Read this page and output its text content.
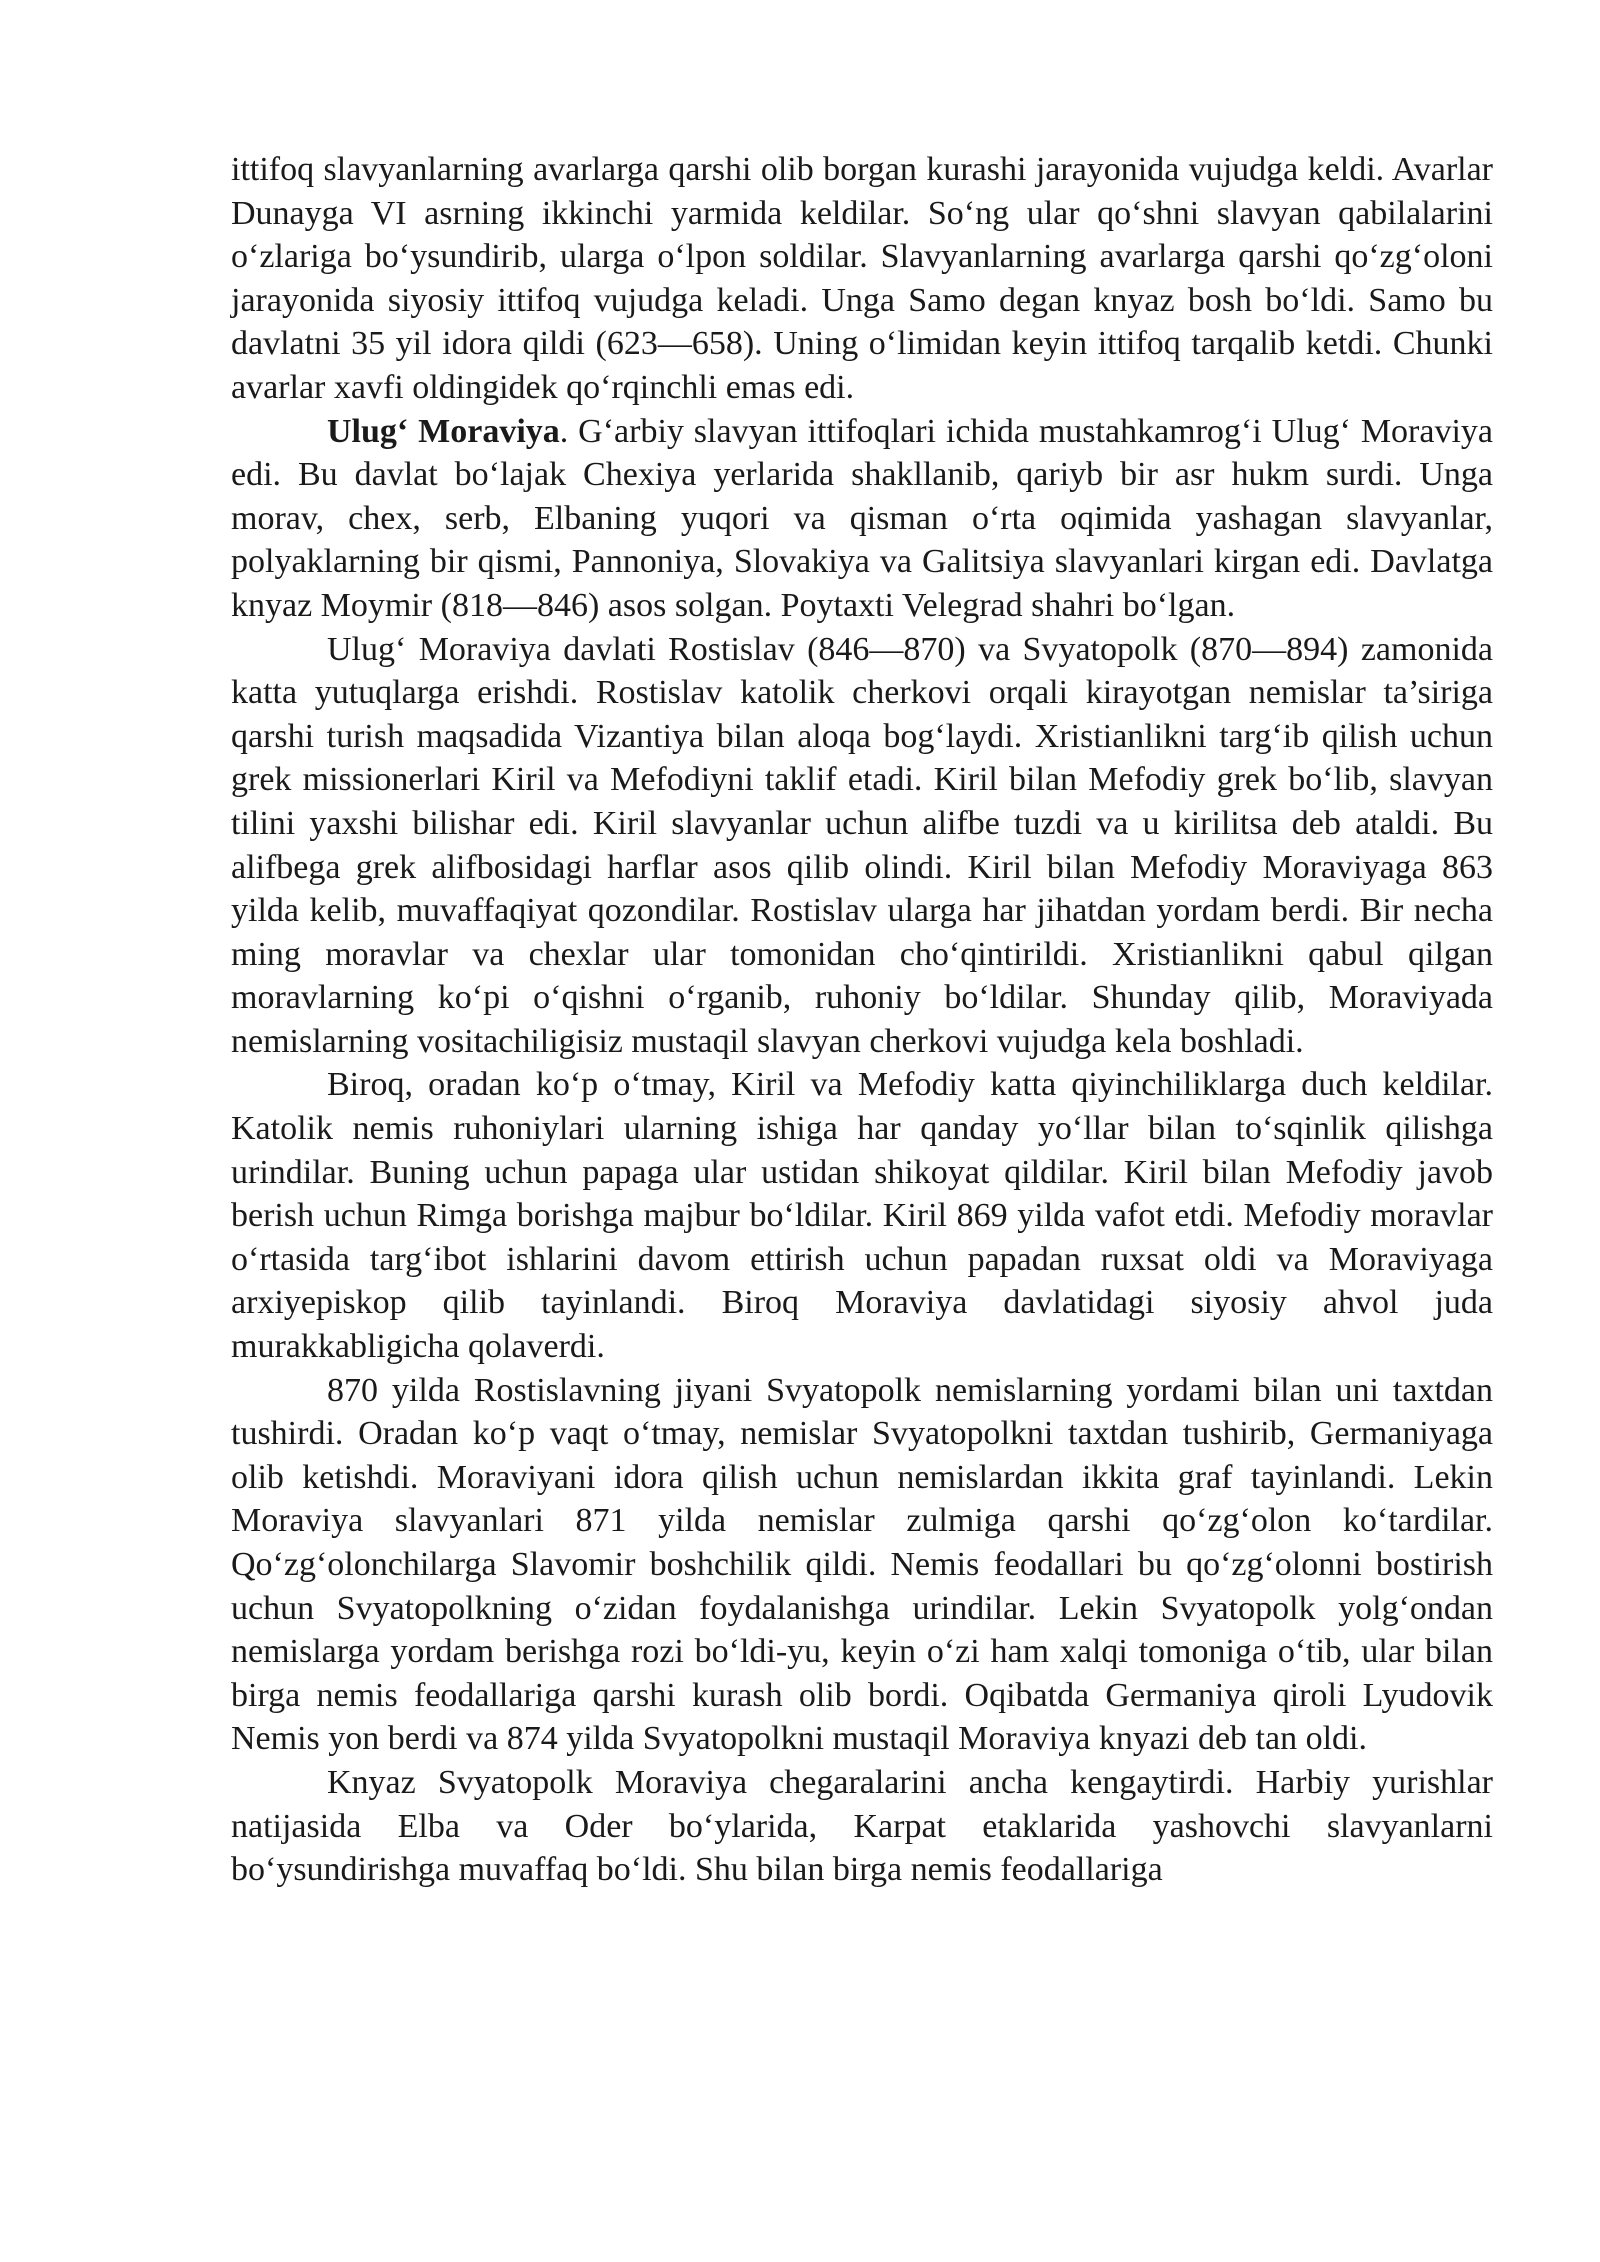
ittifoq slavyanlarning avarlarga qarshi olib borgan kurashi jarayonida vujudga keldi. Avarlar Dunayga VI asrning ikkinchi yarmida keldilar. So‘ng ular qo‘shni slavyan qabilalarini o‘zlariga bo‘ysundirib, ularga o‘lpon soldilar. Slavyanlarning avarlarga qarshi qo‘zg‘oloni jarayonida siyosiy ittifoq vujudga keladi. Unga Samo degan knyaz bosh bo‘ldi. Samo bu davlatni 35 yil idora qildi (623—658). Uning o‘limidan keyin ittifoq tarqalib ketdi. Chunki avarlar xavfi oldingidek qo‘rqinchli emas edi.

Ulug‘ Moraviya. G‘arbiy slavyan ittifoqlari ichida mustahkamrog‘i Ulug‘ Moraviya edi. Bu davlat bo‘lajak Chexiya yerlarida shakllanib, qariyb bir asr hukm surdi. Unga morav, chex, serb, Elbaning yuqori va qisman o‘rta oqimida yashagan slavyanlar, polyaklarning bir qismi, Pannoniya, Slovakiya va Galitsiya slavyanlari kirgan edi. Davlatga knyaz Moymir (818—846) asos solgan. Poytaxti Velegrad shahri bo‘lgan.

Ulug‘ Moraviya davlati Rostislav (846—870) va Svyatopolk (870—894) zamonida katta yutuqlarga erishdi. Rostislav katolik cherkovi orqali kirayotgan nemislar ta’siriga qarshi turish maqsadida Vizantiya bilan aloqa bog‘laydi. Xristianlikni targ‘ib qilish uchun grek missionerlari Kiril va Mefodiyni taklif etadi. Kiril bilan Mefodiy grek bo‘lib, slavyan tilini yaxshi bilishar edi. Kiril slavyanlar uchun alifbe tuzdi va u kirilitsa deb ataldi. Bu alifbega grek alifbosidagi harflar asos qilib olindi. Kiril bilan Mefodiy Moraviyaga 863 yilda kelib, muvaffaqiyat qozondilar. Rostislav ularga har jihatdan yordam berdi. Bir necha ming moravlar va chexlar ular tomonidan cho‘qintirildi. Xristianlikni qabul qilgan moravlarning ko‘pi o‘qishni o‘rganib, ruhoniy bo‘ldilar. Shunday qilib, Moraviyada nemislarning vositachiligisiz mustaqil slavyan cherkovi vujudga kela boshladi.

Biroq, oradan ko‘p o‘tmay, Kiril va Mefodiy katta qiyinchiliklarga duch keldilar. Katolik nemis ruhoniylari ularning ishiga har qanday yo‘llar bilan to‘sqinlik qilishga urindilar. Buning uchun papaga ular ustidan shikoyat qildilar. Kiril bilan Mefodiy javob berish uchun Rimga borishga majbur bo‘ldilar. Kiril 869 yilda vafot etdi. Mefodiy moravlar o‘rtasida targ‘ibot ishlarini davom ettirish uchun papadan ruxsat oldi va Moraviyaga arxiyepiskop qilib tayinlandi. Biroq Moraviya davlatidagi siyosiy ahvol juda murakkabligicha qolaverdi.

870 yilda Rostislavning jiyani Svyatopolk nemislarning yordami bilan uni taxtdan tushirdi. Oradan ko‘p vaqt o‘tmay, nemislar Svyatopolkni taxtdan tushirib, Germaniyaga olib ketishdi. Moraviyani idora qilish uchun nemislardan ikkita graf tayinlandi. Lekin Moraviya slavyanlari 871 yilda nemislar zulmiga qarshi qo‘zg‘olon ko‘tardilar. Qo‘zg‘olonchilarga Slavomir boshchilik qildi. Nemis feodallari bu qo‘zg‘olonni bostirish uchun Svyatopolkning o‘zidan foydalanishga urindilar. Lekin Svyatopolk yolg‘ondan nemislarga yordam berishga rozi bo‘ldi-yu, keyin o‘zi ham xalqi tomoniga o‘tib, ular bilan birga nemis feodallariga qarshi kurash olib bordi. Oqibatda Germaniya qiroli Lyudovik Nemis yon berdi va 874 yilda Svyatopolkni mustaqil Moraviya knyazi deb tan oldi.

Knyaz Svyatopolk Moraviya chegaralarini ancha kengaytirdi. Harbiy yurishlar natijasida Elba va Oder bo‘ylarida, Karpat etaklarida yashovchi slavyanlarni bo‘ysundirishga muvaffaq bo‘ldi. Shu bilan birga nemis feodallariga
